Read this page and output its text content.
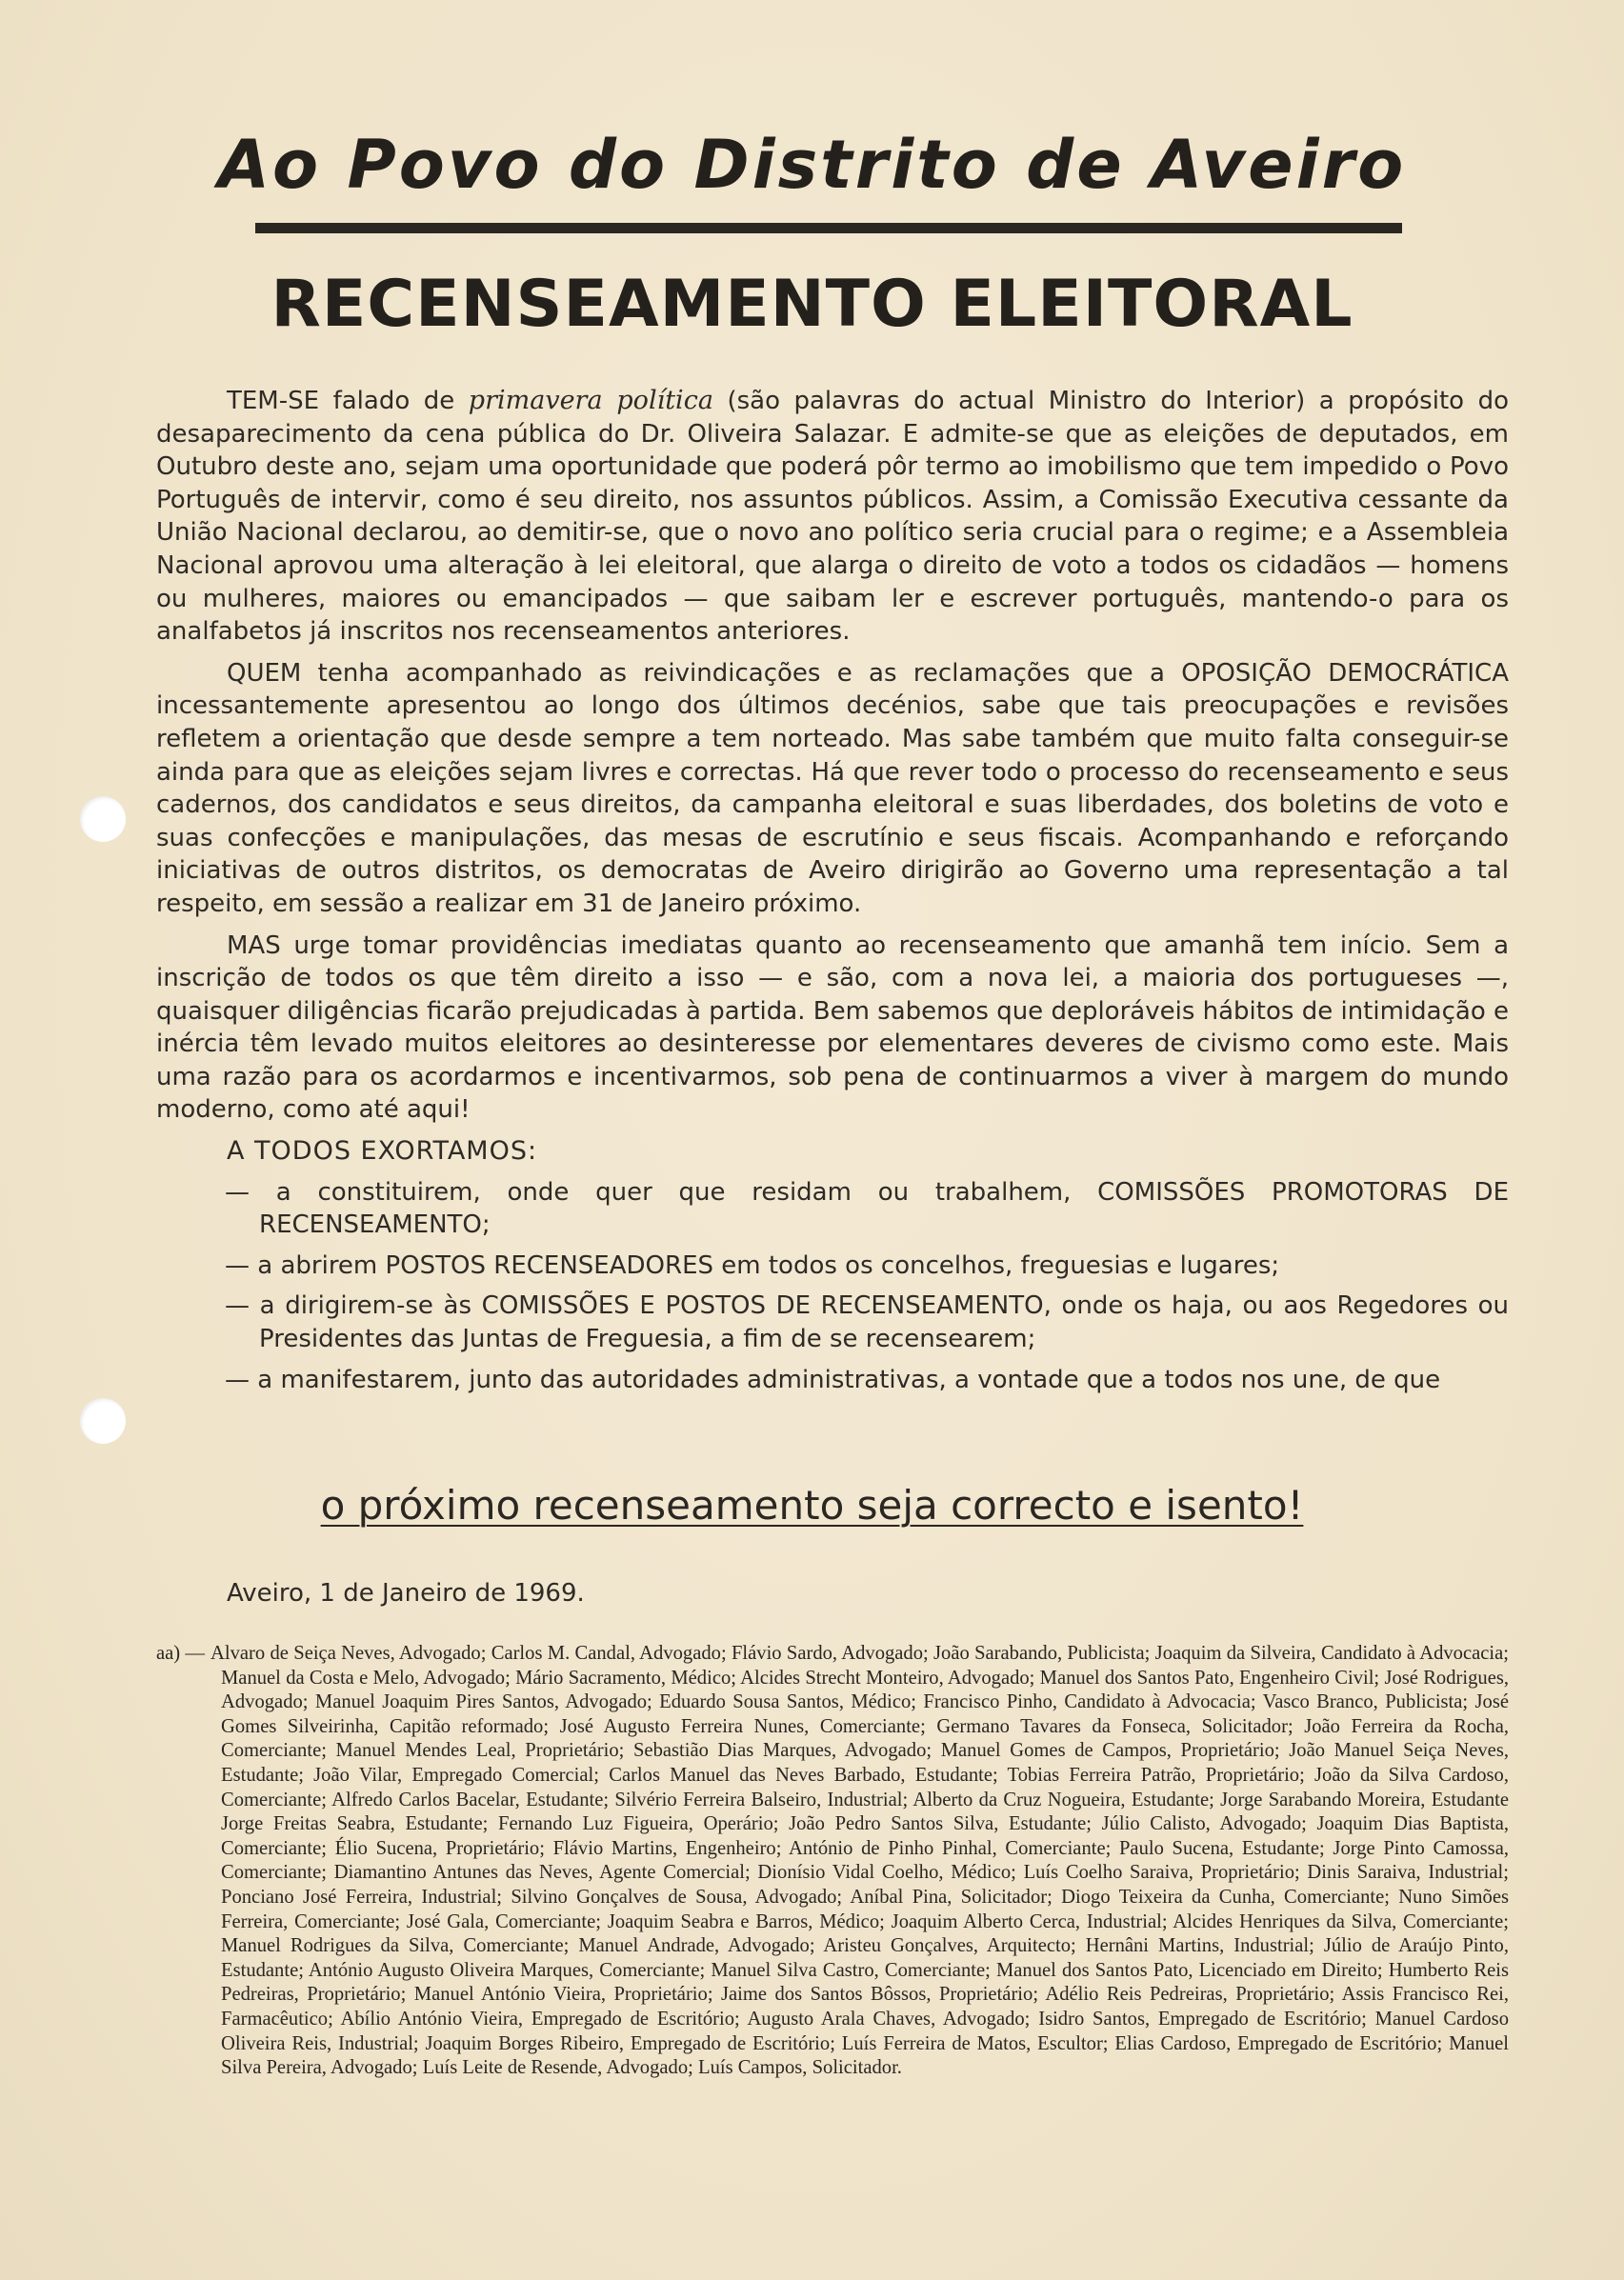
Ao Povo do Distrito de Aveiro
RECENSEAMENTO ELEITORAL

TEM-SE falado de primavera política (são palavras do actual Ministro do Interior) a propósito do desaparecimento da cena pública do Dr. Oliveira Salazar. E admite-se que as eleições de deputados, em Outubro deste ano, sejam uma oportunidade que poderá pôr termo ao imobilismo que tem impedido o Povo Português de intervir, como é seu direito, nos assuntos públicos. Assim, a Comissão Executiva cessante da União Nacional declarou, ao demitir-se, que o novo ano político seria crucial para o regime; e a Assembleia Nacional aprovou uma alteração à lei eleitoral, que alarga o direito de voto a todos os cidadãos — homens ou mulheres, maiores ou emancipados — que saibam ler e escrever português, mantendo-o para os analfabetos já inscritos nos recenseamentos anteriores.

QUEM tenha acompanhado as reivindicações e as reclamações que a OPOSIÇÃO DEMOCRÁTICA incessantemente apresentou ao longo dos últimos decénios, sabe que tais preocupações e revisões refletem a orientação que desde sempre a tem norteado. Mas sabe também que muito falta conseguir-se ainda para que as eleições sejam livres e correctas. Há que rever todo o processo do recenseamento e seus cadernos, dos candidatos e seus direitos, da campanha eleitoral e suas liberdades, dos boletins de voto e suas confecções e manipulações, das mesas de escrutínio e seus fiscais. Acompanhando e reforçando iniciativas de outros distritos, os democratas de Aveiro dirigirão ao Governo uma representação a tal respeito, em sessão a realizar em 31 de Janeiro próximo.

MAS urge tomar providências imediatas quanto ao recenseamento que amanhã tem início. Sem a inscrição de todos os que têm direito a isso — e são, com a nova lei, a maioria dos portugueses —, quaisquer diligências ficarão prejudicadas à partida. Bem sabemos que deploráveis hábitos de intimidação e inércia têm levado muitos eleitores ao desinteresse por elementares deveres de civismo como este. Mais uma razão para os acordarmos e incentivarmos, sob pena de continuarmos a viver à margem do mundo moderno, como até aqui!

A TODOS EXORTAMOS:

— a constituirem, onde quer que residam ou trabalhem, COMISSÕES PROMOTORAS DE RECENSEAMENTO;
— a abrirem POSTOS RECENSEADORES em todos os concelhos, freguesias e lugares;
— a dirigirem-se às COMISSÕES E POSTOS DE RECENSEAMENTO, onde os haja, ou aos Regedores ou Presidentes das Juntas de Freguesia, a fim de se recensearem;
— a manifestarem, junto das autoridades administrativas, a vontade que a todos nos une, de que
o próximo recenseamento seja correcto e isento!
Aveiro, 1 de Janeiro de 1969.
aa) — Alvaro de Seiça Neves, Advogado; Carlos M. Candal, Advogado; Flávio Sardo, Advogado; João Sarabando, Publicista; Joaquim da Silveira, Candidato à Advocacia; Manuel da Costa e Melo, Advogado; Mário Sacramento, Médico; Alcides Strecht Monteiro, Advogado; Manuel dos Santos Pato, Engenheiro Civil; José Rodrigues, Advogado; Manuel Joaquim Pires Santos, Advogado; Eduardo Sousa Santos, Médico; Francisco Pinho, Candidato à Advocacia; Vasco Branco, Publicista; José Gomes Silveirinha, Capitão reformado; José Augusto Ferreira Nunes, Comerciante; Germano Tavares da Fonseca, Solicitador; João Ferreira da Rocha, Comerciante; Manuel Mendes Leal, Proprietário; Sebastião Dias Marques, Advogado; Manuel Gomes de Campos, Proprietário; João Manuel Seiça Neves, Estudante; João Vilar, Empregado Comercial; Carlos Manuel das Neves Barbado, Estudante; Tobias Ferreira Patrão, Proprietário; João da Silva Cardoso, Comerciante; Alfredo Carlos Bacelar, Estudante; Silvério Ferreira Balseiro, Industrial; Alberto da Cruz Nogueira, Estudante; Jorge Sarabando Moreira, Estudante Jorge Freitas Seabra, Estudante; Fernando Luz Figueira, Operário; João Pedro Santos Silva, Estudante; Júlio Calisto, Advogado; Joaquim Dias Baptista, Comerciante; Élio Sucena, Proprietário; Flávio Martins, Engenheiro; António de Pinho Pinhal, Comerciante; Paulo Sucena, Estudante; Jorge Pinto Camossa, Comerciante; Diamantino Antunes das Neves, Agente Comercial; Dionísio Vidal Coelho, Médico; Luís Coelho Saraiva, Proprietário; Dinis Saraiva, Industrial; Ponciano José Ferreira, Industrial; Silvino Gonçalves de Sousa, Advogado; Aníbal Pina, Solicitador; Diogo Teixeira da Cunha, Comerciante; Nuno Simões Ferreira, Comerciante; José Gala, Comerciante; Joaquim Seabra e Barros, Médico; Joaquim Alberto Cerca, Industrial; Alcides Henriques da Silva, Comerciante; Manuel Rodrigues da Silva, Comerciante; Manuel Andrade, Advogado; Aristeu Gonçalves, Arquitecto; Hernâni Martins, Industrial; Júlio de Araújo Pinto, Estudante; António Augusto Oliveira Marques, Comerciante; Manuel Silva Castro, Comerciante; Manuel dos Santos Pato, Licenciado em Direito; Humberto Reis Pedreiras, Proprietário; Manuel António Vieira, Proprietário; Jaime dos Santos Bôssos, Proprietário; Adélio Reis Pedreiras, Proprietário; Assis Francisco Rei, Farmacêutico; Abílio António Vieira, Empregado de Escritório; Augusto Arala Chaves, Advogado; Isidro Santos, Empregado de Escritório; Manuel Cardoso Oliveira Reis, Industrial; Joaquim Borges Ribeiro, Empregado de Escritório; Luís Ferreira de Matos, Escultor; Elias Cardoso, Empregado de Escritório; Manuel Silva Pereira, Advogado; Luís Leite de Resende, Advogado; Luís Campos, Solicitador.
